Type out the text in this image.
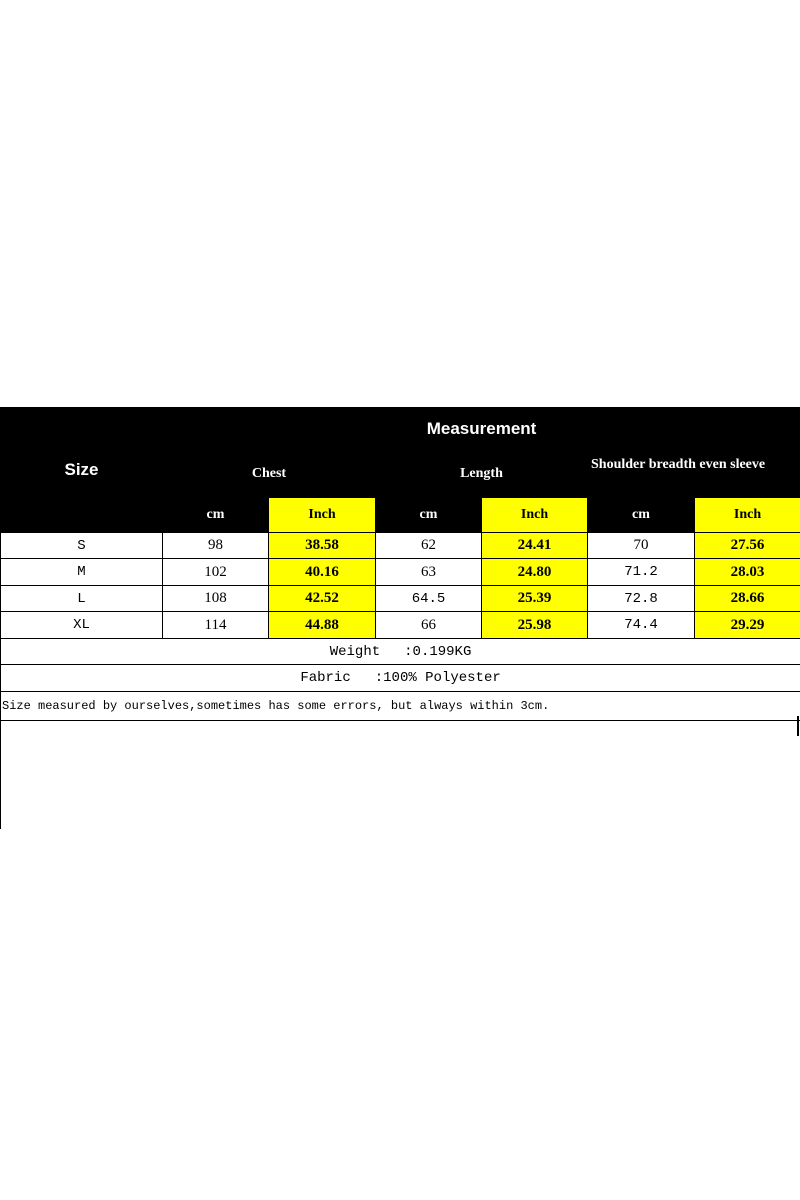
Size	Measurement					
	Chest		Length		Shoulder breadth even sleeve	
	cm	Inch	cm	Inch	cm	Inch
S	98	38.58	62	24.41	70	27.56
M	102	40.16	63	24.80	71.2	28.03
L	108	42.52	64.5	25.39	72.8	28.66
XL	114	44.88	66	25.98	74.4	29.29
Weight :0.199KG						
Fabric :100% Polyester						
Size measured by ourselves,sometimes has some errors, but always within 3cm.						
